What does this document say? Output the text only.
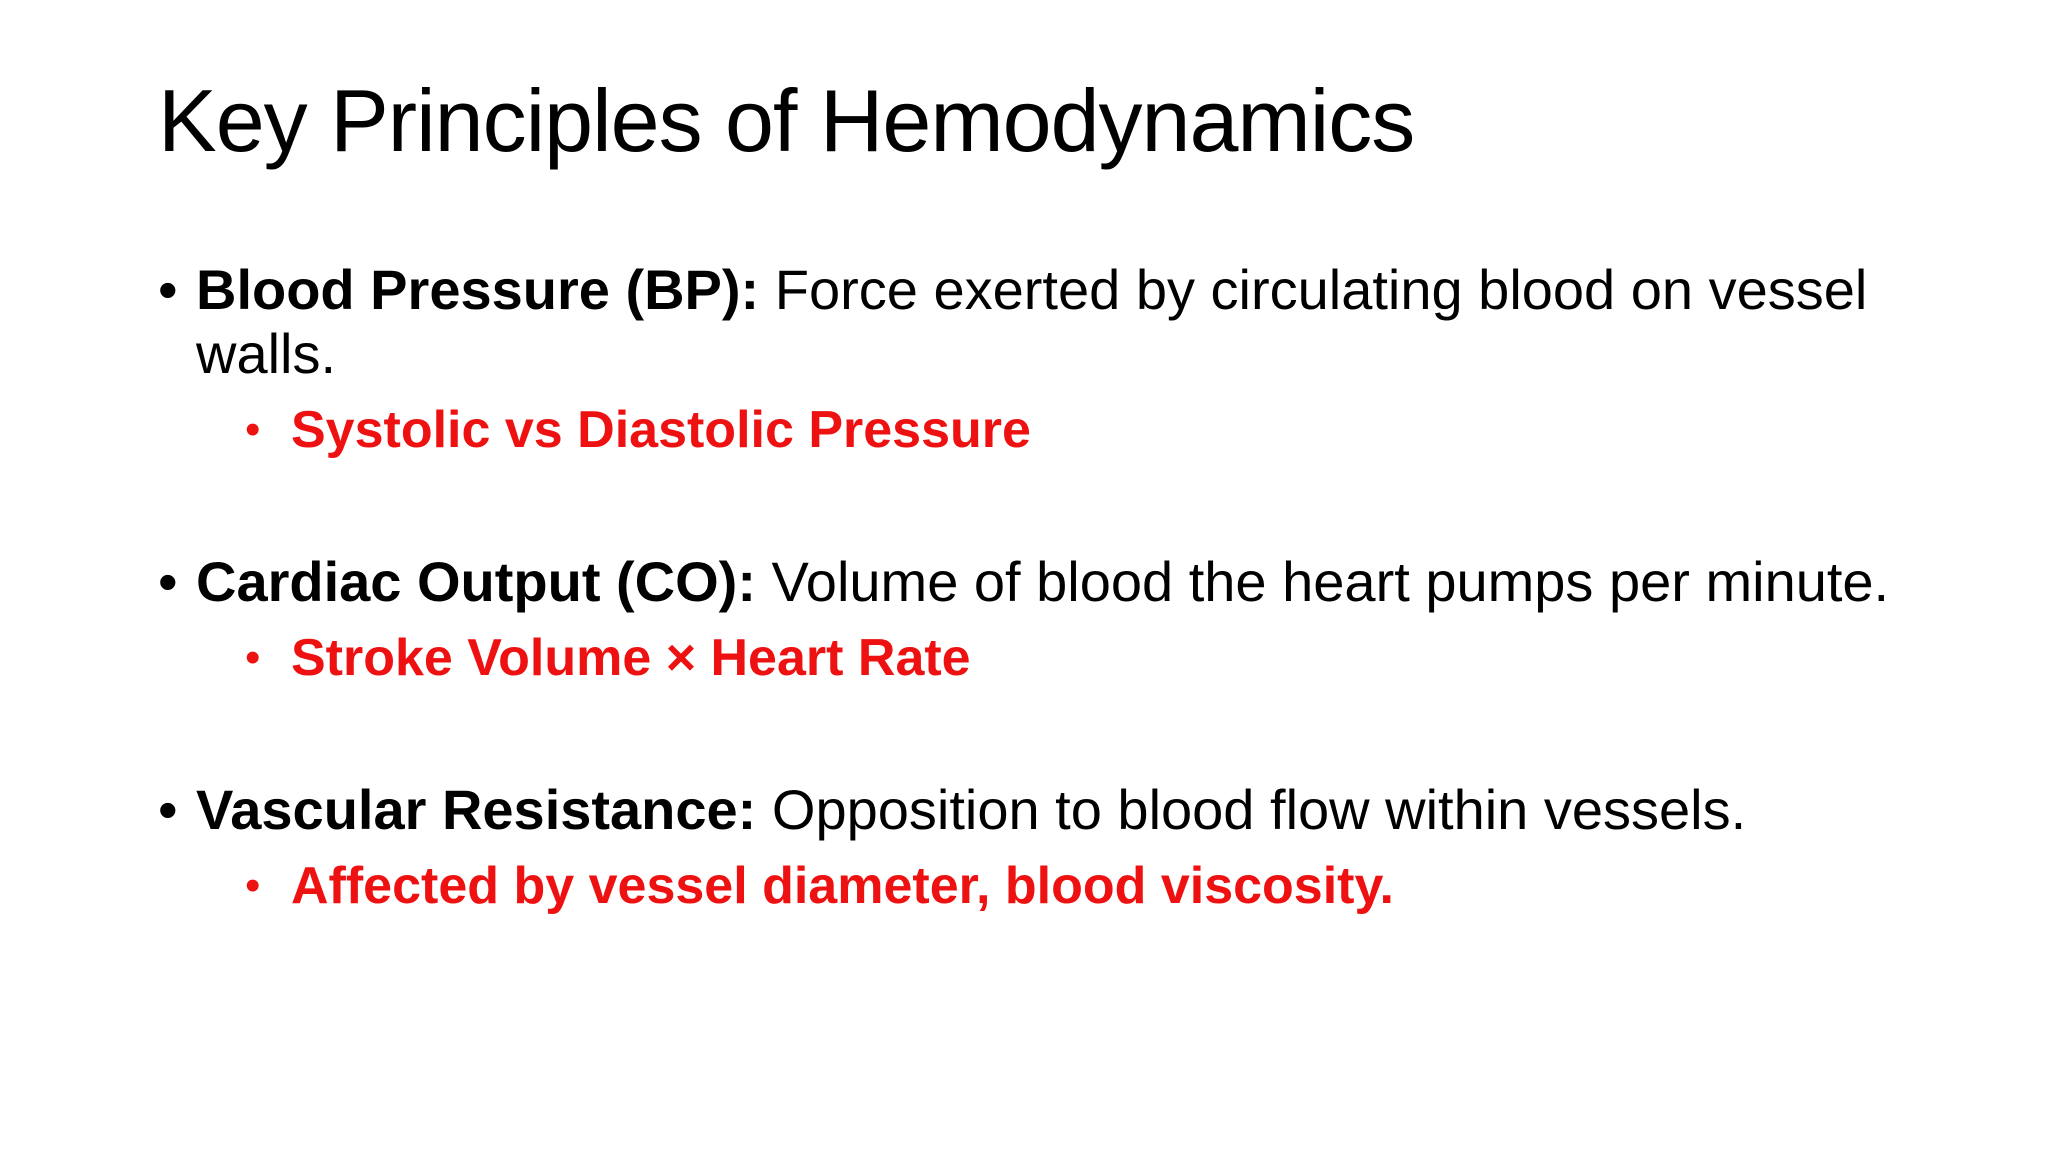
Key Principles of Hemodynamics
• Blood Pressure (BP): Force exerted by circulating blood on vessel walls.

• Systolic vs Diastolic Pressure
• Cardiac Output (CO): Volume of blood the heart pumps per minute.

• Stroke Volume × Heart Rate
• Vascular Resistance: Opposition to blood flow within vessels.

• Affected by vessel diameter, blood viscosity.
